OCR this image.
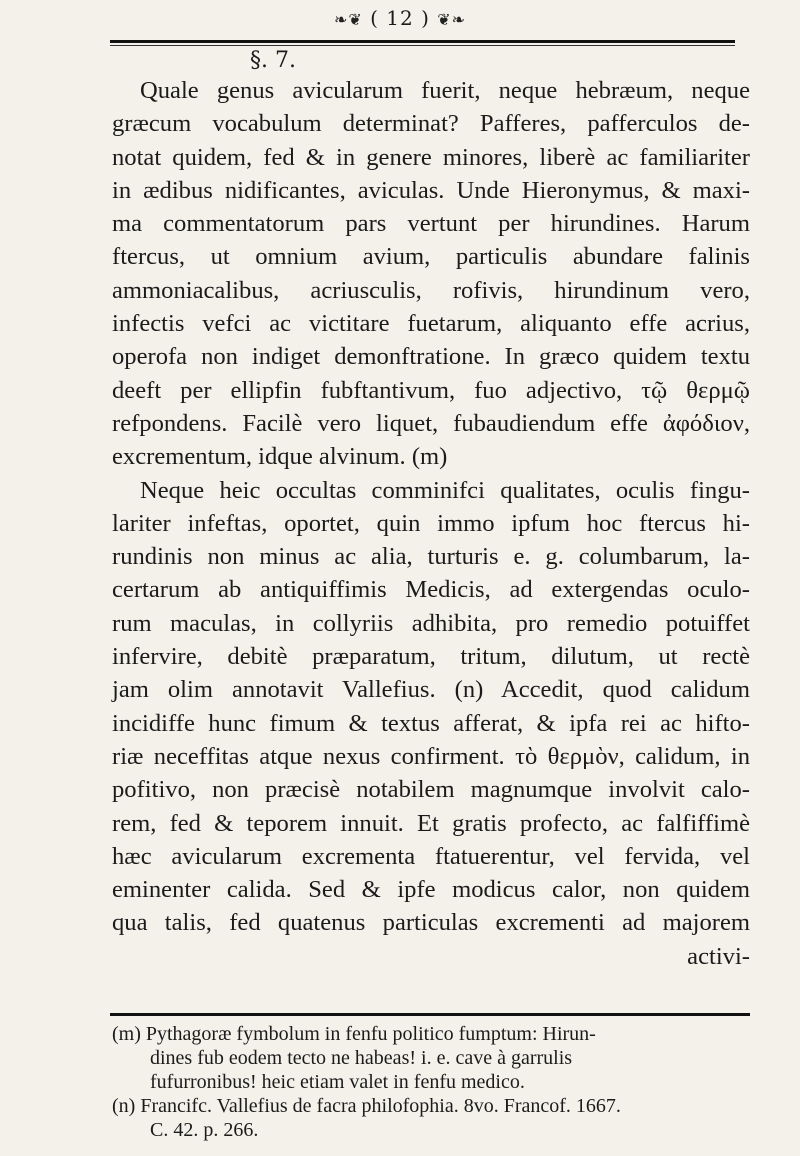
❧❦ ( 12 ) ❦❧
§. 7.
Quale genus avicularum fuerit, neque hebræum, neque
græcum vocabulum determinat? Pafferes, pafferculos de-
notat quidem, fed & in genere minores, liberè ac familiariter
in ædibus nidificantes, aviculas. Unde Hieronymus, & maxi-
ma commentatorum pars vertunt per hirundines. Harum
ftercus, ut omnium avium, particulis abundare falinis
ammoniacalibus, acriusculis, rofivis, hirundinum vero,
infectis vefci ac victitare fuetarum, aliquanto effe acrius,
operofa non indiget demonftratione. In græco quidem textu
deeft per ellipfin fubftantivum, fuo adjectivo, τῷ θερμῷ
refpondens. Facilè vero liquet, fubaudiendum effe ἀφόδιον,
excrementum, idque alvinum. (m)
Neque heic occultas comminifci qualitates, oculis fingu-
lariter infeftas, oportet, quin immo ipfum hoc ftercus hi-
rundinis non minus ac alia, turturis e. g. columbarum, la-
certarum ab antiquiffimis Medicis, ad extergendas oculo-
rum maculas, in collyriis adhibita, pro remedio potuiffet
infervire, debitè præparatum, tritum, dilutum, ut rectè
jam olim annotavit Vallefius. (n) Accedit, quod calidum
incidiffe hunc fimum & textus afferat, & ipfa rei ac hifto-
riæ neceffitas atque nexus confirment. τὸ θερμὸν, calidum, in
pofitivo, non præcisè notabilem magnumque involvit calo-
rem, fed & teporem innuit. Et gratis profecto, ac falfiffimè
hæc avicularum excrementa ftatuerentur, vel fervida, vel
eminenter calida. Sed & ipfe modicus calor, non quidem
qua talis, fed quatenus particulas excrementi ad majorem
activi-
(m) Pythagoræ fymbolum in fenfu politico fumptum: Hirun-
dines fub eodem tecto ne habeas! i. e. cave à garrulis
fufurronibus! heic etiam valet in fenfu medico.
(n) Francifc. Vallefius de facra philofophia. 8vo. Francof. 1667.
C. 42. p. 266.
